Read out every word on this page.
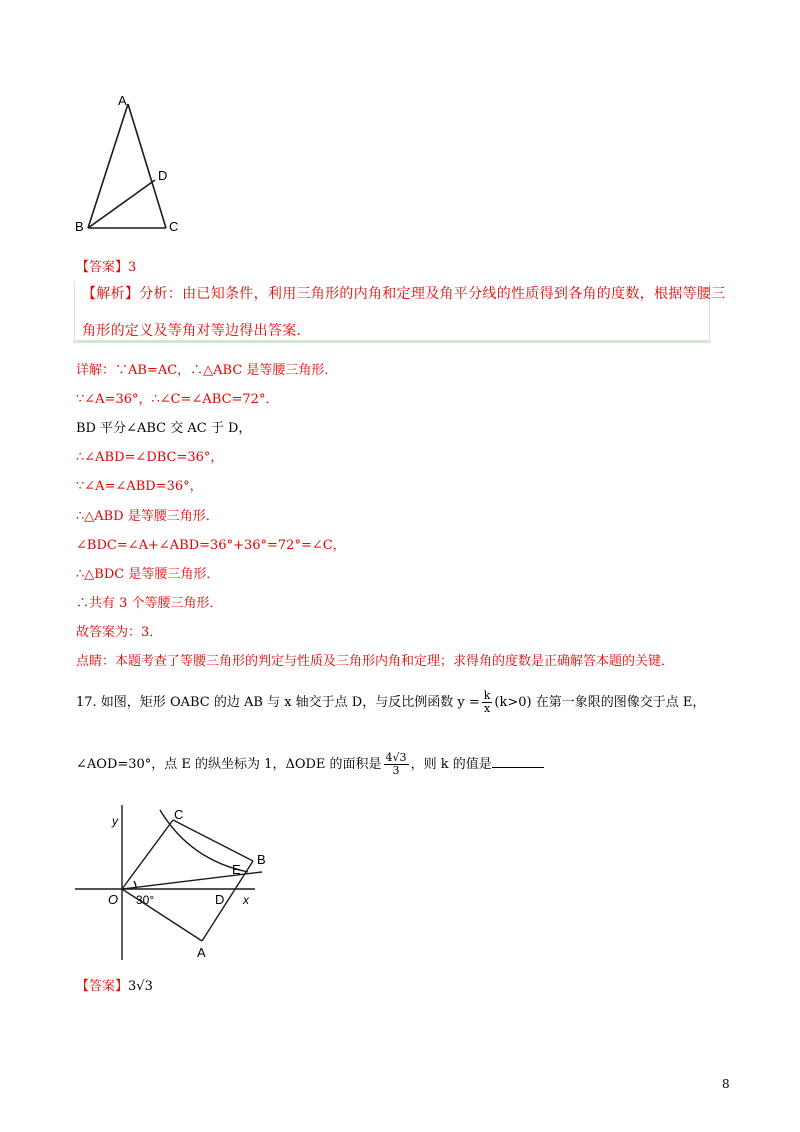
A
B	C
D
【答案】3
【解析】分析：由已知条件，利用三角形的内角和定理及角平分线的性质得到各角的度数，根据等腰三
角形的定义及等角对等边得出答案．
详解：∵AB=AC，∴△ABC 是等腰三角形．
∵∠A=36°，∴∠C=∠ABC=72°．
BD 平分∠ABC 交 AC 于 D，
∴∠ABD=∠DBC=36°，
∵∠A=∠ABD=36°，
∴△ABD 是等腰三角形．
∠BDC=∠A+∠ABD=36°+36°=72°=∠C，
∴△BDC 是等腰三角形．
∴共有 3 个等腰三角形．
故答案为：3．
点睛：本题考查了等腰三角形的判定与性质及三角形内角和定理；求得角的度数是正确解答本题的关键．
17. 如图，矩形 OABC 的边 AB 与 x 轴交于点 D，与反比例函数 $y = \frac{k}{x} (k>0)$ 在第一象限的图像交于点 E，
∠AOD=30°，点 E 的纵坐标为 1，ΔODE 的面积是 $\frac{4√3}{3}$ ，则 k 的值是
y	C
B
E
O 30°	D x
A
【答案】3√3
8
